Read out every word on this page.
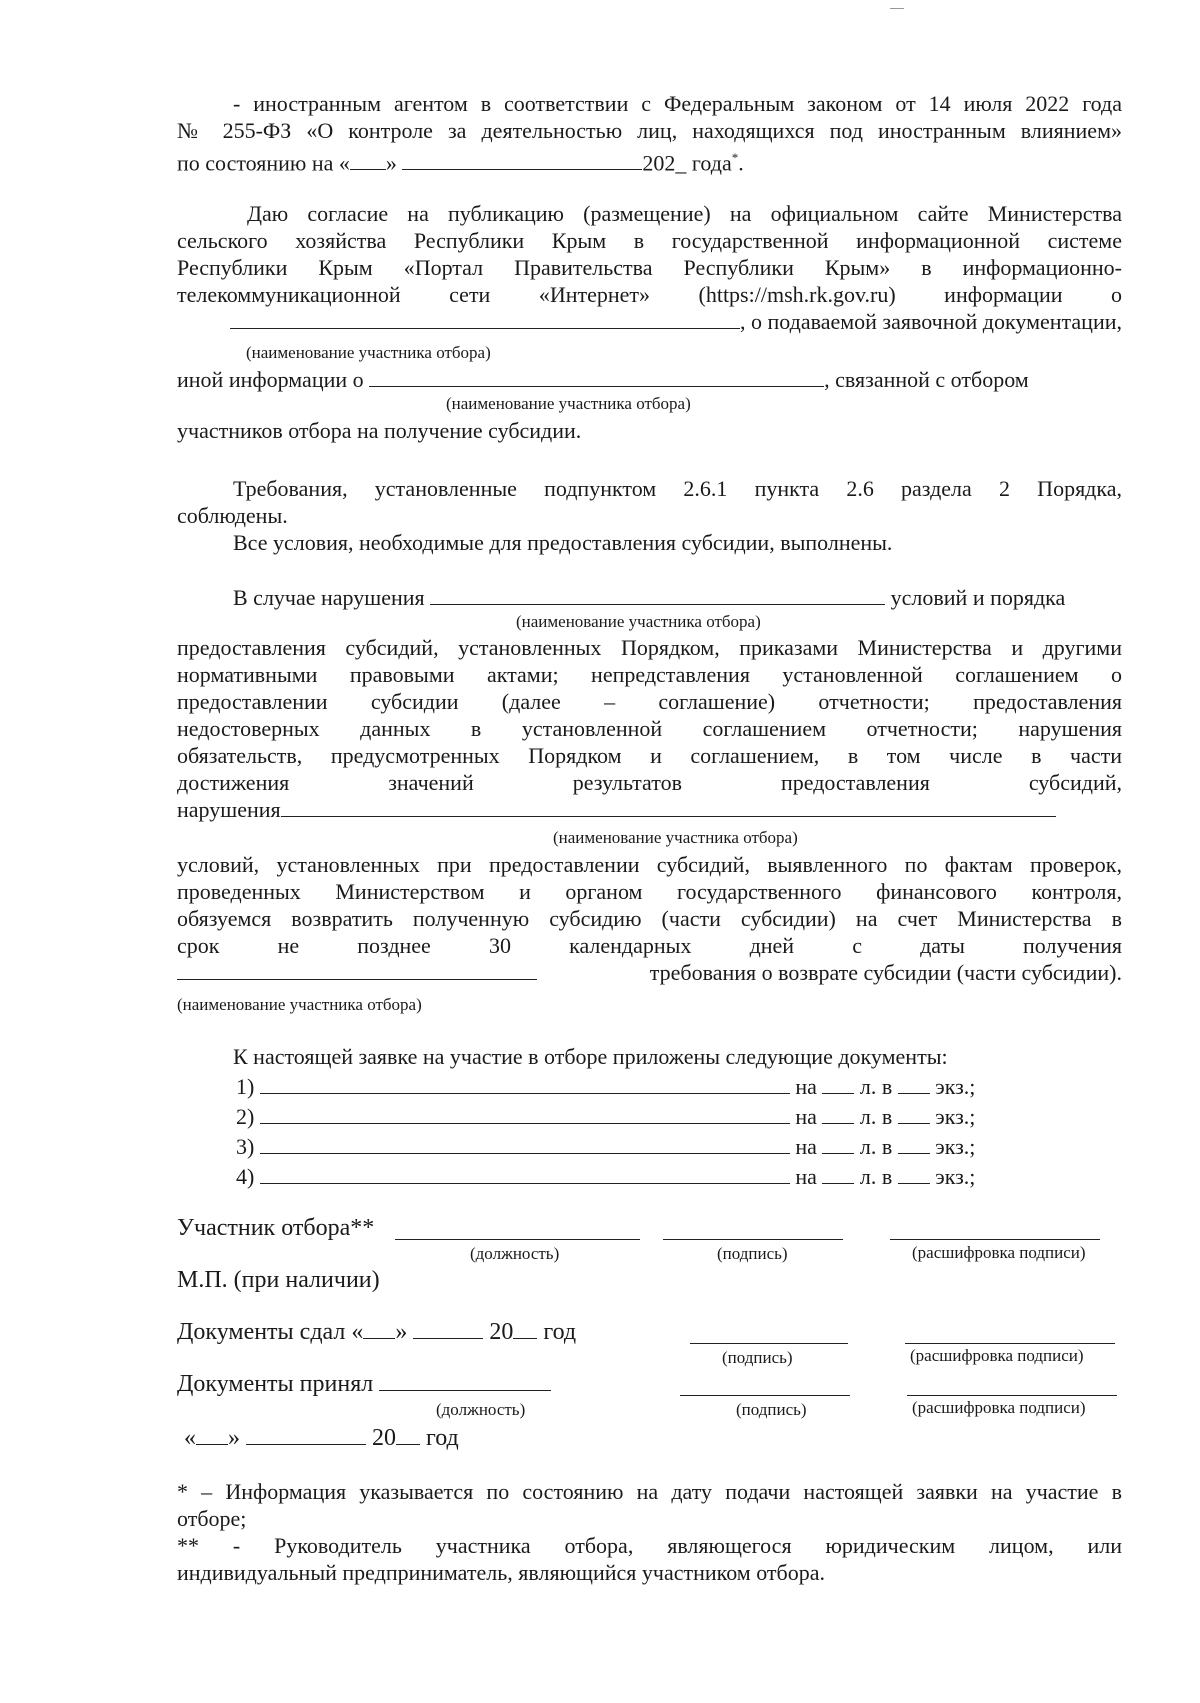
- иностранным агентом в соответствии с Федеральным законом от 14 июля 2022 года
№ 255-ФЗ «О контроле за деятельностью лиц, находящихся под иностранным влиянием»
по состоянию на « »	202_ года*.
Даю согласие на публикацию (размещение) на официальном сайте Министерства
сельского хозяйства Республики Крым в государственной информационной системе
Республики Крым «Портал Правительства Республики Крым» в информационно-
телекоммуникационной сети «Интернет» (https://msh.rk.gov.ru) информации о
, о подаваемой заявочной документации,
(наименование участника отбора)
иной информации о	, связанной с отбором
(наименование участника отбора)
участников отбора на получение субсидии.
Требования, установленные подпунктом 2.6.1 пункта 2.6 раздела 2 Порядка,
соблюдены.
Все условия, необходимые для предоставления субсидии, выполнены.
В случае нарушения	условий и порядка
(наименование участника отбора)
предоставления субсидий, установленных Порядком, приказами Министерства и другими
нормативными правовыми актами; непредставления установленной соглашением о
предоставлении субсидии (далее – соглашение) отчетности; предоставления
недостоверных данных в установленной соглашением отчетности; нарушения
обязательств, предусмотренных Порядком и соглашением, в том числе в части
достижения значений результатов предоставления субсидий,
нарушения
(наименование участника отбора)
условий, установленных при предоставлении субсидий, выявленного по фактам проверок,
проведенных Министерством и органом государственного финансового контроля,
обязуемся возвратить полученную субсидию (части субсидии) на счет Министерства в
срок не позднее 30 календарных дней с даты получения
требования о возврате субсидии (части субсидии).
(наименование участника отбора)
К настоящей заявке на участие в отборе приложены следующие документы:
1)	на л. в экз.;
2)	на л. в экз.;
3)	на л. в экз.;
4)	на л. в экз.;
Участник отбора**
(должность)	(подпись)	(расшифровка подписи)
М.П. (при наличии)
Документы сдал « »	20 год
(подпись)	(расшифровка подписи)
Документы принял
(должность)	(подпись)	(расшифровка подписи)
« »	20 год
* – Информация указывается по состоянию на дату подачи настоящей заявки на участие в
отборе;
** - Руководитель участника отбора, являющегося юридическим лицом, или
индивидуальный предприниматель, являющийся участником отбора.
